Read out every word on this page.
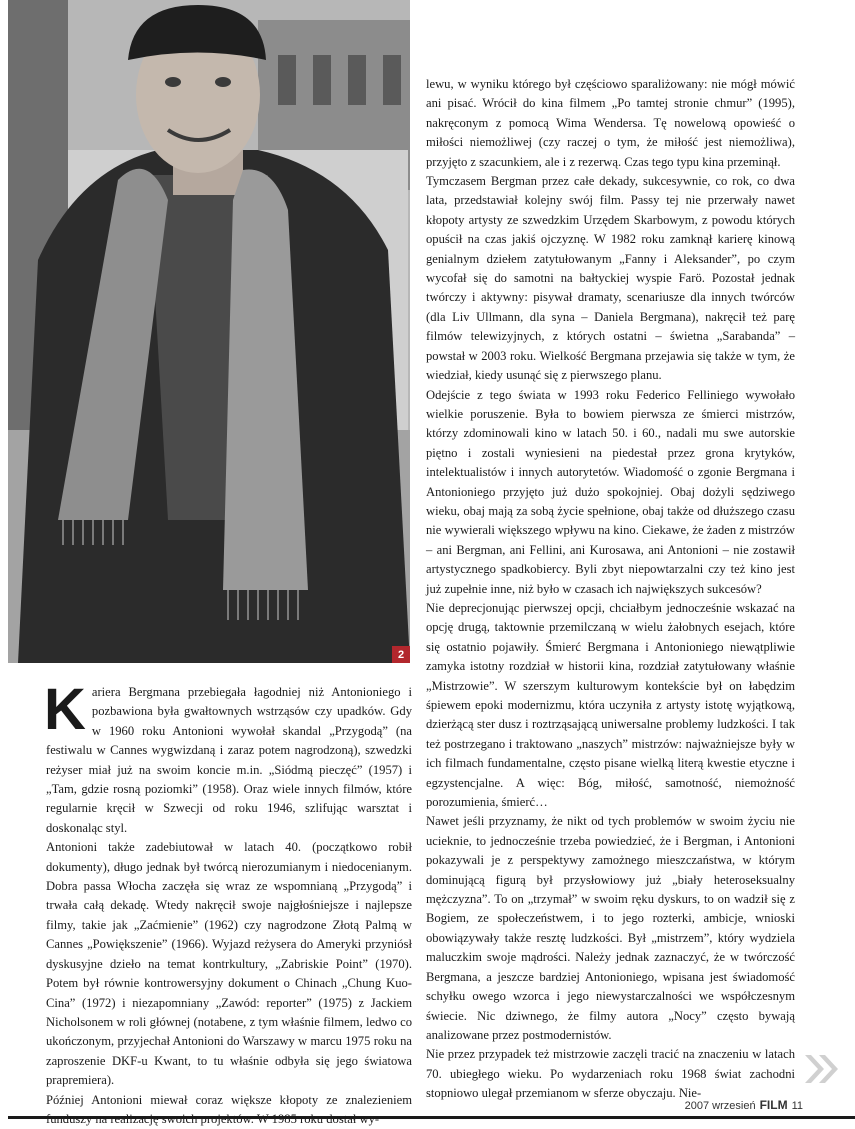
2

Kariera Bergmana przebiegała łagodniej niż Antonioniego i pozbawiona była gwałtownych wstrząsów czy upadków. Gdy w 1960 roku Antonioni wywołał skandal „Przygodą” (na festiwalu w Cannes wygwizdaną i zaraz potem nagrodzoną), szwedzki reżyser miał już na swoim koncie m.in. „Siódmą pieczęć” (1957) i „Tam, gdzie rosną poziomki” (1958). Oraz wiele innych filmów, które regularnie kręcił w Szwecji od roku 1946, szlifując warsztat i doskonaląc styl.

Antonioni także zadebiutował w latach 40. (początkowo robił dokumenty), długo jednak był twórcą nierozumianym i niedocenianym. Dobra passa Włocha zaczęła się wraz ze wspomnianą „Przygodą” i trwała całą dekadę. Wtedy nakręcił swoje najgłośniejsze i najlepsze filmy, takie jak „Zaćmienie” (1962) czy nagrodzone Złotą Palmą w Cannes „Powiększenie” (1966). Wyjazd reżysera do Ameryki przyniósł dyskusyjne dzieło na temat kontrkultury, „Zabriskie Point” (1970). Potem był równie kontrowersyjny dokument o Chinach „Chung Kuo-Cina” (1972) i niezapomniany „Zawód: reporter” (1975) z Jackiem Nicholsonem w roli głównej (notabene, z tym właśnie filmem, ledwo co ukończonym, przyjechał Antonioni do Warszawy w marcu 1975 roku na zaproszenie DKF-u Kwant, to tu właśnie odbyła się jego światowa prapremiera).

Później Antonioni miewał coraz większe kłopoty ze znalezieniem

lewu, w wyniku którego był częściowo sparaliżowany: nie mógł mówić ani pisać. Wrócił do kina filmem „Po tamtej stronie chmur” (1995), nakręconym z pomocą Wima Wendersa. Tę nowelową opowieść o miłości niemożliwej (czy raczej o tym, że miłość jest niemożliwa), przyjęto z szacunkiem, ale i z rezerwą. Czas tego typu kina przeminął.

Tymczasem Bergman przez całe dekady, sukcesywnie, co rok, co dwa lata, przedstawiał kolejny swój film. Passy tej nie przerwały nawet kłopoty artysty ze szwedzkim Urzędem Skarbowym, z powodu których opuścił na czas jakiś ojczyznę. W 1982 roku zamknął karierę kinową genialnym dziełem zatytułowanym „Fanny i Aleksander”, po czym wycofał się do samotni na bałtyckiej wyspie Farö. Pozostał jednak twórczy i aktywny: pisywał dramaty, scenariusze dla innych twórców (dla Liv Ullmann, dla syna – Daniela Bergmana), nakręcił też parę filmów telewizyjnych, z których ostatni – świetna „Sarabanda” – powstał w 2003 roku. Wielkość Bergmana przejawia się także w tym, że wiedział, kiedy usunąć się z pierwszego planu.

Odejście z tego świata w 1993 roku Federico Felliniego wywołało wielkie poruszenie. Była to bowiem pierwsza ze śmierci mistrzów, którzy zdominowali kino w latach 50. i 60., nadali mu swe autorskie piętno i zostali wyniesieni na piedestał przez grona krytyków, intelektualistów i innych autorytetów. Wiadomość o zgonie Bergmana i Antonioniego przyjęto już dużo spokojniej. Obaj dożyli sędziwego wieku, obaj mają za sobą życie spełnione, obaj także od dłuższego czasu nie wywierali większego wpływu na kino. Ciekawe, że żaden z mistrzów – ani Bergman, ani Fellini, ani Kurosawa, ani Antonioni – nie zostawił artystycznego spadkobiercy. Byli zbyt niepowtarzalni czy też kino jest już zupełnie inne, niż było w czasach ich największych sukcesów?

Nie deprecjonując pierwszej opcji, chciałbym jednocześnie wskazać na opcję drugą, taktownie przemilczaną w wielu żałobnych esejach, które się ostatnio pojawiły. Śmierć Bergmana i Antonioniego niewątpliwie zamyka istotny rozdział w historii kina, rozdział zatytułowany właśnie „Mistrzowie”. W szerszym kulturowym kontekście był on łabędzim śpiewem epoki modernizmu, która uczyniła z artysty istotę wyjątkową, dzierżącą ster dusz i roztrząsającą uniwersalne problemy ludzkości. I tak też postrzegano i traktowano „naszych” mistrzów: najważniejsze były w ich filmach fundamentalne, często pisane wielką literą kwestie etyczne i egzystencjalne. A więc: Bóg, miłość, samotność, niemożność porozumienia, śmierć…

Nawet jeśli przyznamy, że nikt od tych problemów w swoim życiu nie ucieknie, to jednocześnie trzeba powiedzieć, że i Bergman, i Antonioni pokazywali je z perspektywy zamożnego mieszczaństwa, w którym dominującą figurą był przysłowiowy już „biały heteroseksualny mężczyzna”. To on „trzymał” w swoim ręku dyskurs, to on wadził się z Bogiem, ze społeczeństwem, i to jego rozterki, ambicje, wnioski obowiązywały także resztę ludzkości. Był „mistrzem”, który wydziela maluczkim swoje mądrości. Należy jednak zaznaczyć, że w twórczość Bergmana, a jeszcze bardziej Antonioniego, wpisana jest świadomość schyłku owego wzorca i jego niewystarczalności we współczesnym świecie. Nic dziwnego, że filmy autora „Nocy” często bywają analizowane przez postmodernistów.

Nie przez przypadek też mistrzowie zaczęli tracić na znaczeniu w latach 70. ubiegłego wieku. Po wydarzeniach roku 1968 świat zachodni stopniowo ulegał przemianom w sferze obyczaju. Nie-

2007 wrzesień FILM 11
